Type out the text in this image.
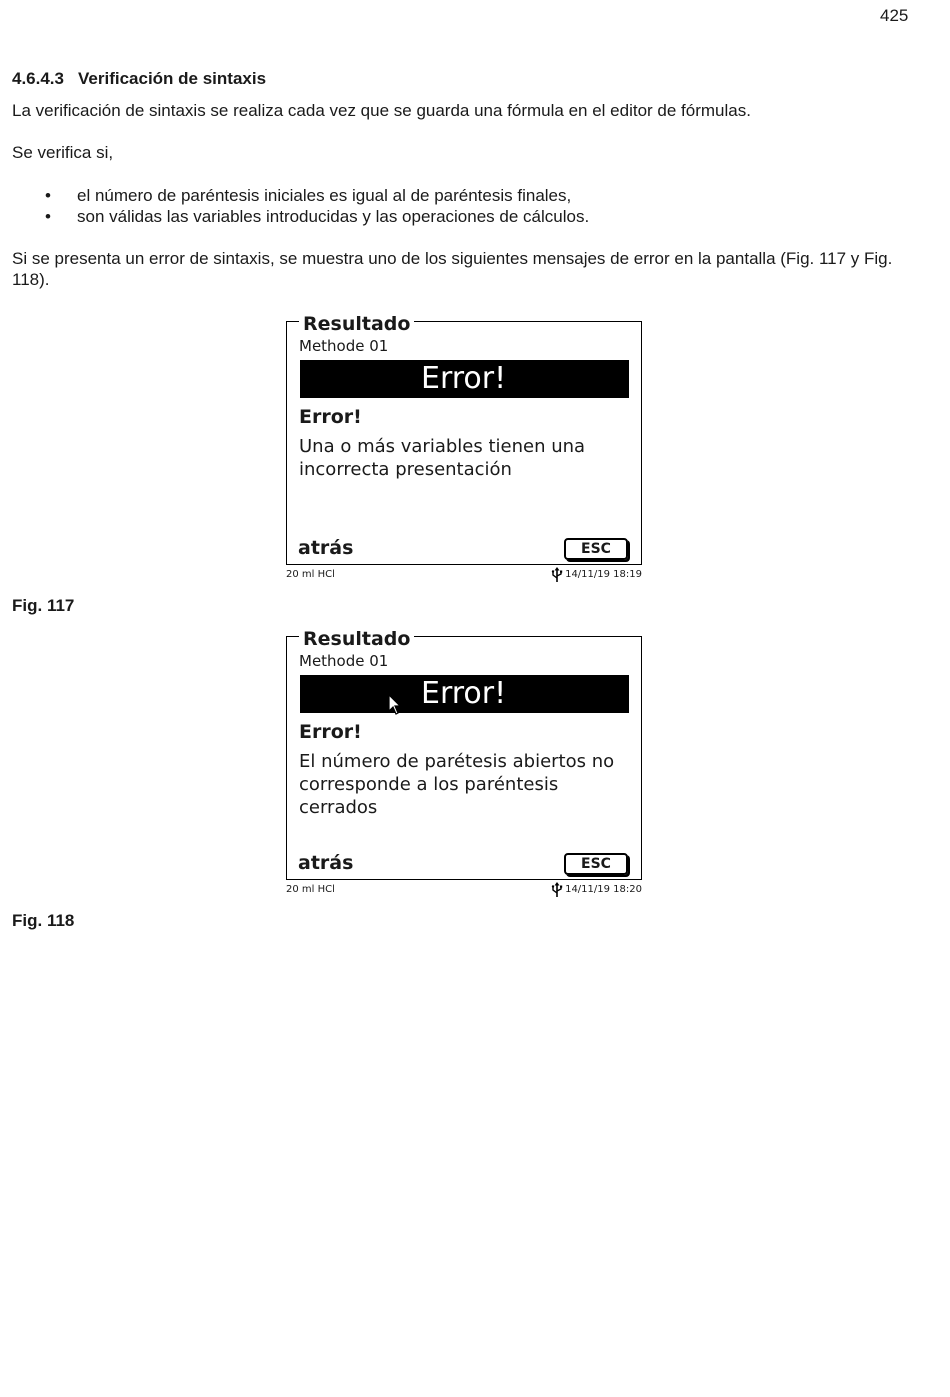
425
4.6.4.3 Verificación de sintaxis
La verificación de sintaxis se realiza cada vez que se guarda una fórmula en el editor de fórmulas.
Se verifica si,
• el número de paréntesis iniciales es igual al de paréntesis finales,
• son válidas las variables introducidas y las operaciones de cálculos.
Si se presenta un error de sintaxis, se muestra uno de los siguientes mensajes de error en la pantalla (Fig. 117 y Fig. 118).
Resultado
Methode 01
Error!
Error!
Una o más variables tienen una
incorrecta presentación
atrás	ESC
20 ml HCl	14/11/19 18:19
Fig. 117
Resultado
Methode 01
Error!
Error!
El número de parétesis abiertos no
corresponde a los paréntesis cerrados
atrás	ESC
20 ml HCl	14/11/19 18:20
Fig. 118
